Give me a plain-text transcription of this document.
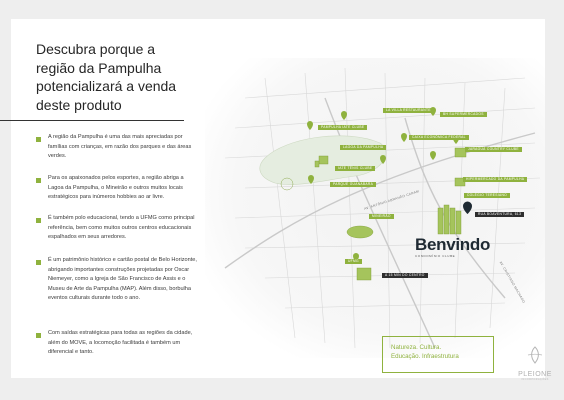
Descubra porque a
região da Pampulha
potencializará a venda
deste produto
A região da Pampulha é uma das mais apreciadas por famílias com crianças, em razão dos parques e das áreas verdes.
Para os apaixonados pelos esportes, a região abriga a Lagoa da Pampulha, o Mineirão e outros muitos locais estratégicos para inúmeros hobbies ao ar livre.
É também polo educacional, tendo a UFMG como principal referência, bem como muitos outros centros educacionais espalhados em seus arredores.
É um patrimônio histórico e cartão postal de Belo Horizonte, abrigando importantes construções projetadas por Oscar Niemeyer, como a Igreja de São Francisco de Assis e o Museu de Arte da Pampulha (MAP). Além disso, borbulha eventos culturais durante todo o ano.
Com saídas estratégicas para todas as regiões da cidade, além do MOVE, a locomoção facilitada é também um diferencial e tanto.
PAMPULHA IATE CLUBE
LAGOA DA PAMPULHA
IATE TÊNIS CLUBE
PARQUE GUANABARA
MINEIRÃO
UFMG
A 15 MIN DO CENTRO
LA VILLA RESTAURANTE
BH SUPERMERCADOS
CAIXA ECONÔMICA FEDERAL
JARAGUÁ COUNTRY CLUBE
HIPERMERCADO DA PAMPULHA
COLÉGIO TERESIANO
RUA BOAVENTURA, 613
AV. ANTÔNIO ABRAHÃO CARAM
AV. CRISTIANO MACHADO
Benvindo
CONDOMÍNIO CLUBE
Natureza. Cultura.
Educação. Infraestrutura
PLEIONE
INCORPORAÇÕES
